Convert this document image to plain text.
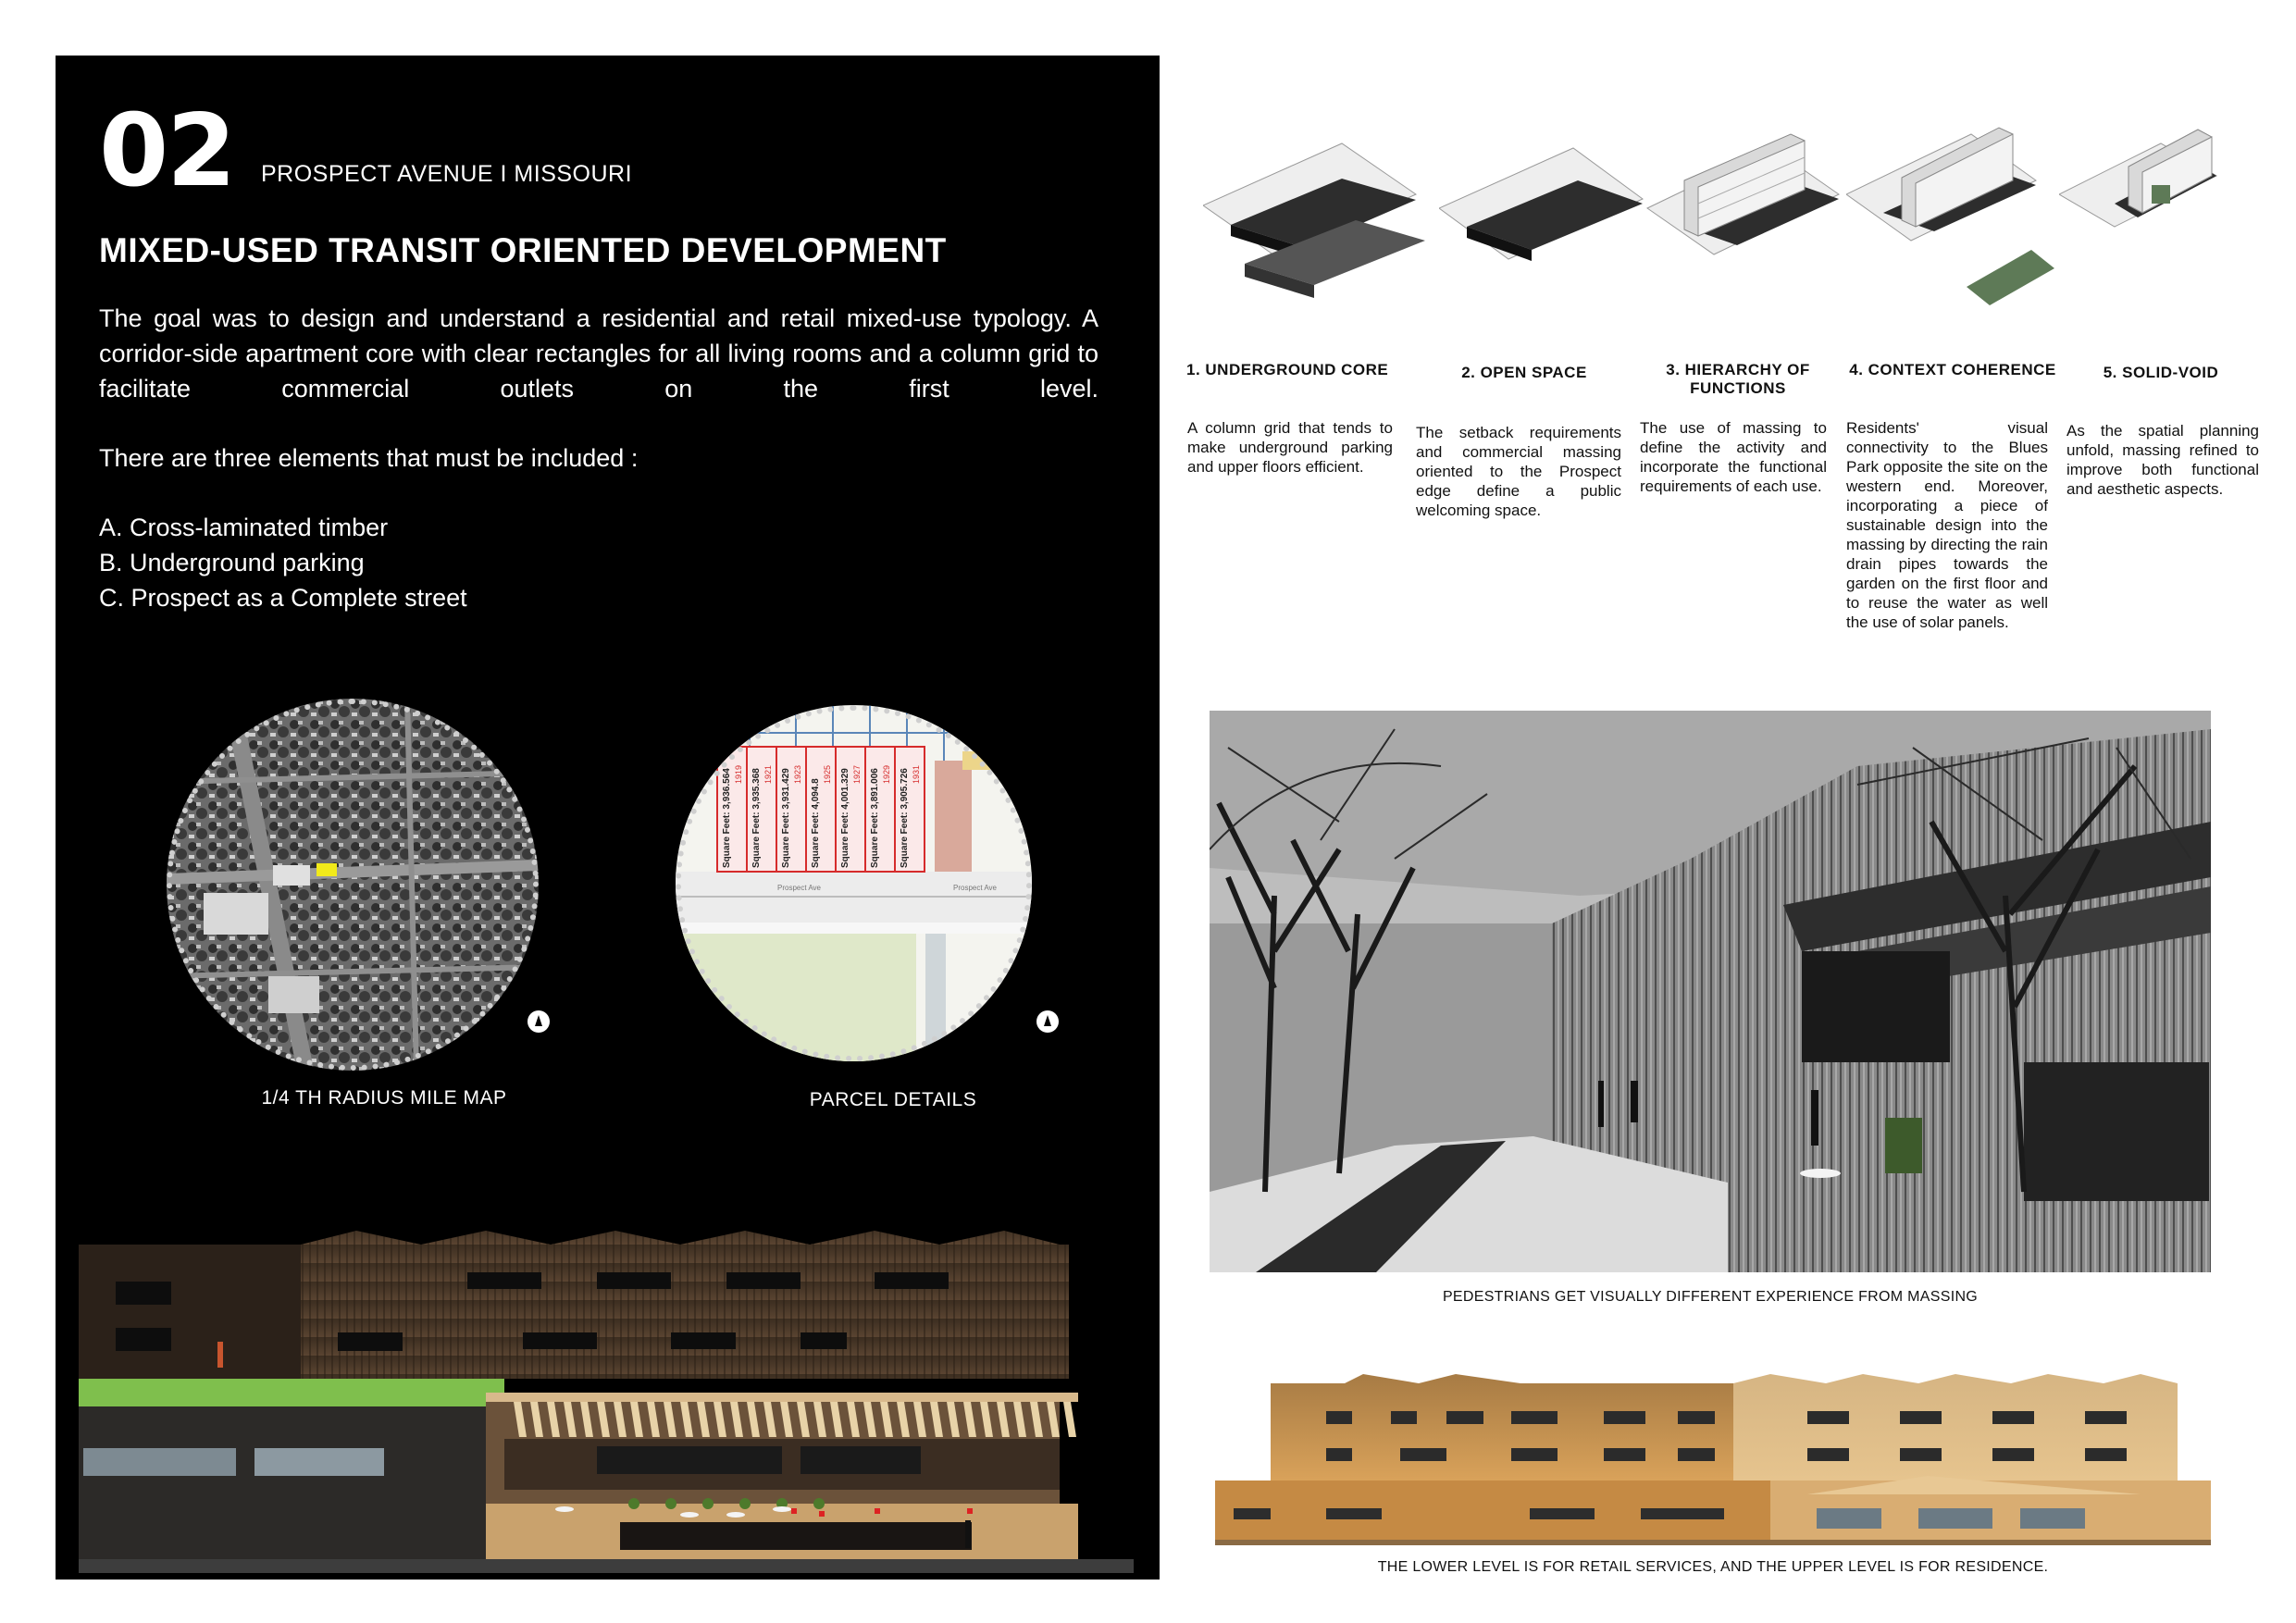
02 PROSPECT AVENUE I MISSOURI
MIXED-USED TRANSIT ORIENTED DEVELOPMENT
The goal was to design and understand a residential and retail mixed-use typology. A corridor-side apartment core with clear rectangles for all living rooms and a column grid to facilitate commercial outlets on the first level.
There are three elements that must be included :
A. Cross-laminated timber
B. Underground parking
C. Prospect as a Complete street
Prospect Ave	Prospect Ave
Square Feet: 3,936.564 1919 Square Feet: 3,935.368 1921 Square Feet: 3,931.429 1923
Square Feet: 4,094.8
1925 Square Feet: 4,001.329 1927 Square Feet: 3,891.006 1929 Square Feet: 3,905.726 1931
1/4 TH RADIUS MILE MAP	PARCEL DETAILS
1. UNDERGROUND CORE	2. OPEN SPACE	3. HIERARCHY OF FUNCTIONS
4. CONTEXT COHERENCE	5. SOLID-VOID
A column grid that tends to make underground parking and upper floors efficient.
The setback requirements and commercial massing oriented to the Prospect edge define a public welcoming space.
The use of massing to define the activity and incorporate the functional requirements of each use.
Residents' visual connectivity to the Blues Park opposite the site on the western end. Moreover, incorporating a piece of sustainable design into the massing by directing the rain drain pipes towards the garden on the first floor and to reuse the water as well the use of solar panels.
As the spatial planning unfold, massing refined to improve both functional and aesthetic aspects.
PEDESTRIANS GET VISUALLY DIFFERENT EXPERIENCE FROM MASSING
THE LOWER LEVEL IS FOR RETAIL SERVICES, AND THE UPPER LEVEL IS FOR RESIDENCE.
